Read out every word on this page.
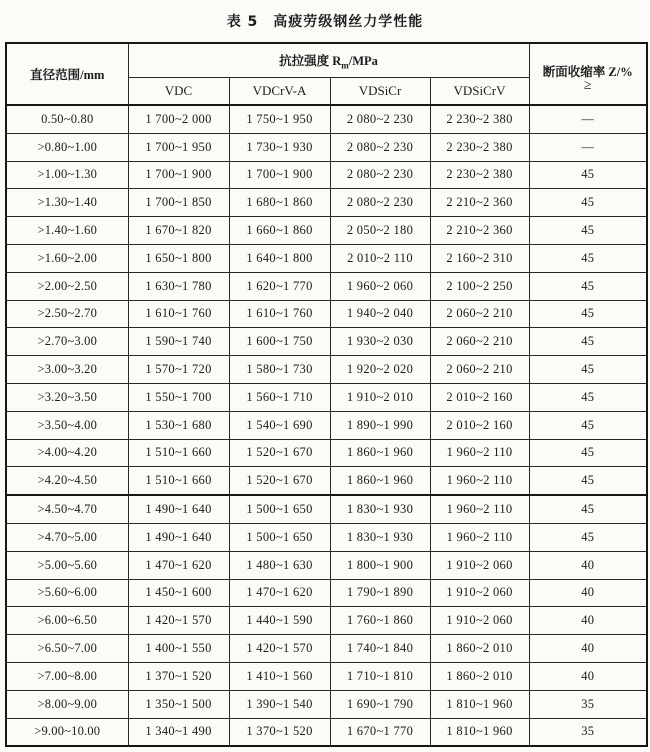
表 5　高疲劳级钢丝力学性能
直径范围/mm	抗拉强度 $R_m$/MPa				断面收缩率 Z/%
≥

	VDC	VDCrV-A	VDSiCr	VDSiCrV	
0.50~0.80	1 700~2 000	1 750~1 950	2 080~2 230	2 230~2 380	—
>0.80~1.00	1 700~1 950	1 730~1 930	2 080~2 230	2 230~2 380	—
>1.00~1.30	1 700~1 900	1 700~1 900	2 080~2 230	2 230~2 380	45
>1.30~1.40	1 700~1 850	1 680~1 860	2 080~2 230	2 210~2 360	45
>1.40~1.60	1 670~1 820	1 660~1 860	2 050~2 180	2 210~2 360	45
>1.60~2.00	1 650~1 800	1 640~1 800	2 010~2 110	2 160~2 310	45
>2.00~2.50	1 630~1 780	1 620~1 770	1 960~2 060	2 100~2 250	45
>2.50~2.70	1 610~1 760	1 610~1 760	1 940~2 040	2 060~2 210	45
>2.70~3.00	1 590~1 740	1 600~1 750	1 930~2 030	2 060~2 210	45
>3.00~3.20	1 570~1 720	1 580~1 730	1 920~2 020	2 060~2 210	45
>3.20~3.50	1 550~1 700	1 560~1 710	1 910~2 010	2 010~2 160	45
>3.50~4.00	1 530~1 680	1 540~1 690	1 890~1 990	2 010~2 160	45
>4.00~4.20	1 510~1 660	1 520~1 670	1 860~1 960	1 960~2 110	45
>4.20~4.50	1 510~1 660	1 520~1 670	1 860~1 960	1 960~2 110	45
>4.50~4.70	1 490~1 640	1 500~1 650	1 830~1 930	1 960~2 110	45
>4.70~5.00	1 490~1 640	1 500~1 650	1 830~1 930	1 960~2 110	45
>5.00~5.60	1 470~1 620	1 480~1 630	1 800~1 900	1 910~2 060	40
>5.60~6.00	1 450~1 600	1 470~1 620	1 790~1 890	1 910~2 060	40
>6.00~6.50	1 420~1 570	1 440~1 590	1 760~1 860	1 910~2 060	40
>6.50~7.00	1 400~1 550	1 420~1 570	1 740~1 840	1 860~2 010	40
>7.00~8.00	1 370~1 520	1 410~1 560	1 710~1 810	1 860~2 010	40
>8.00~9.00	1 350~1 500	1 390~1 540	1 690~1 790	1 810~1 960	35
>9.00~10.00	1 340~1 490	1 370~1 520	1 670~1 770	1 810~1 960	35
